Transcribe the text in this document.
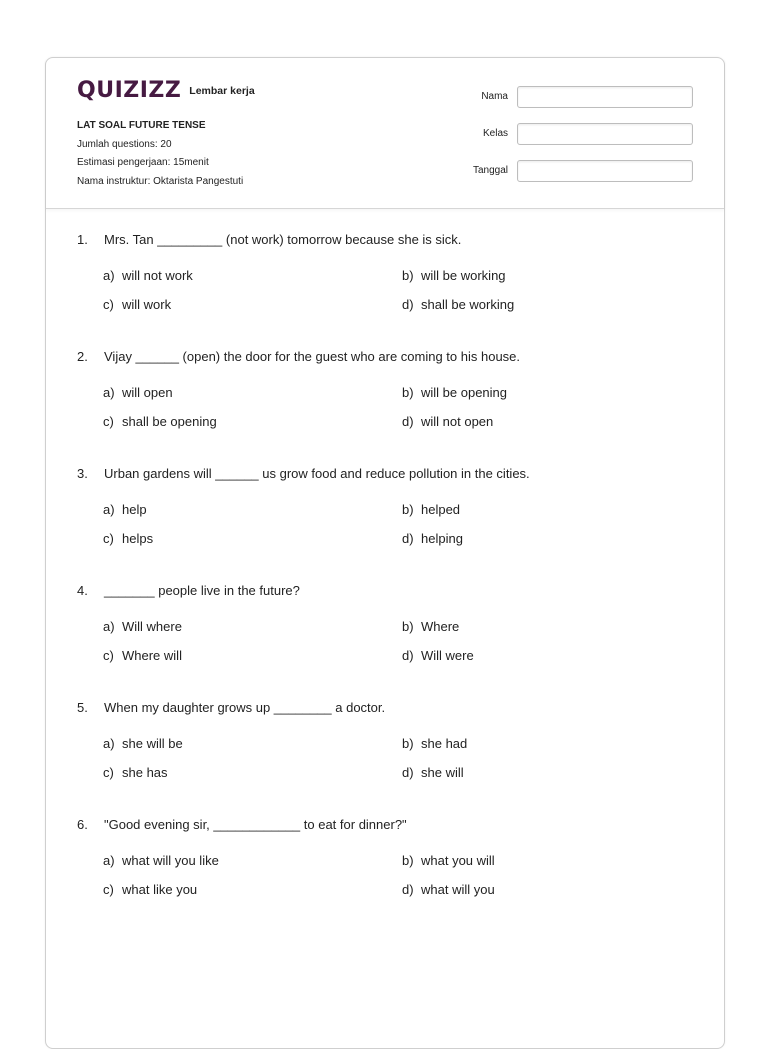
QUIZIZZ Lembar kerja
LAT SOAL FUTURE TENSE
Jumlah questions: 20
Estimasi pengerjaan: 15menit
Nama instruktur: Oktarista Pangestuti
Nama
Kelas
Tanggal
1.	Mrs. Tan _________ (not work) tomorrow because she is sick.
a) will not work	b) will be working
c) will work	d) shall be working
2.	Vijay ______ (open) the door for the guest who are coming to his house.
a) will open	b) will be opening
c) shall be opening	d) will not open
3.	Urban gardens will ______ us grow food and reduce pollution in the cities.
a) help	b) helped
c) helps	d) helping
4.	_______ people live in the future?
a) Will where	b) Where
c) Where will	d) Will were
5.	When my daughter grows up ________ a doctor.
a) she will be	b) she had
c) she has	d) she will
6.	"Good evening sir, ____________ to eat for dinner?"
a) what will you like	b) what you will
c) what like you	d) what will you
